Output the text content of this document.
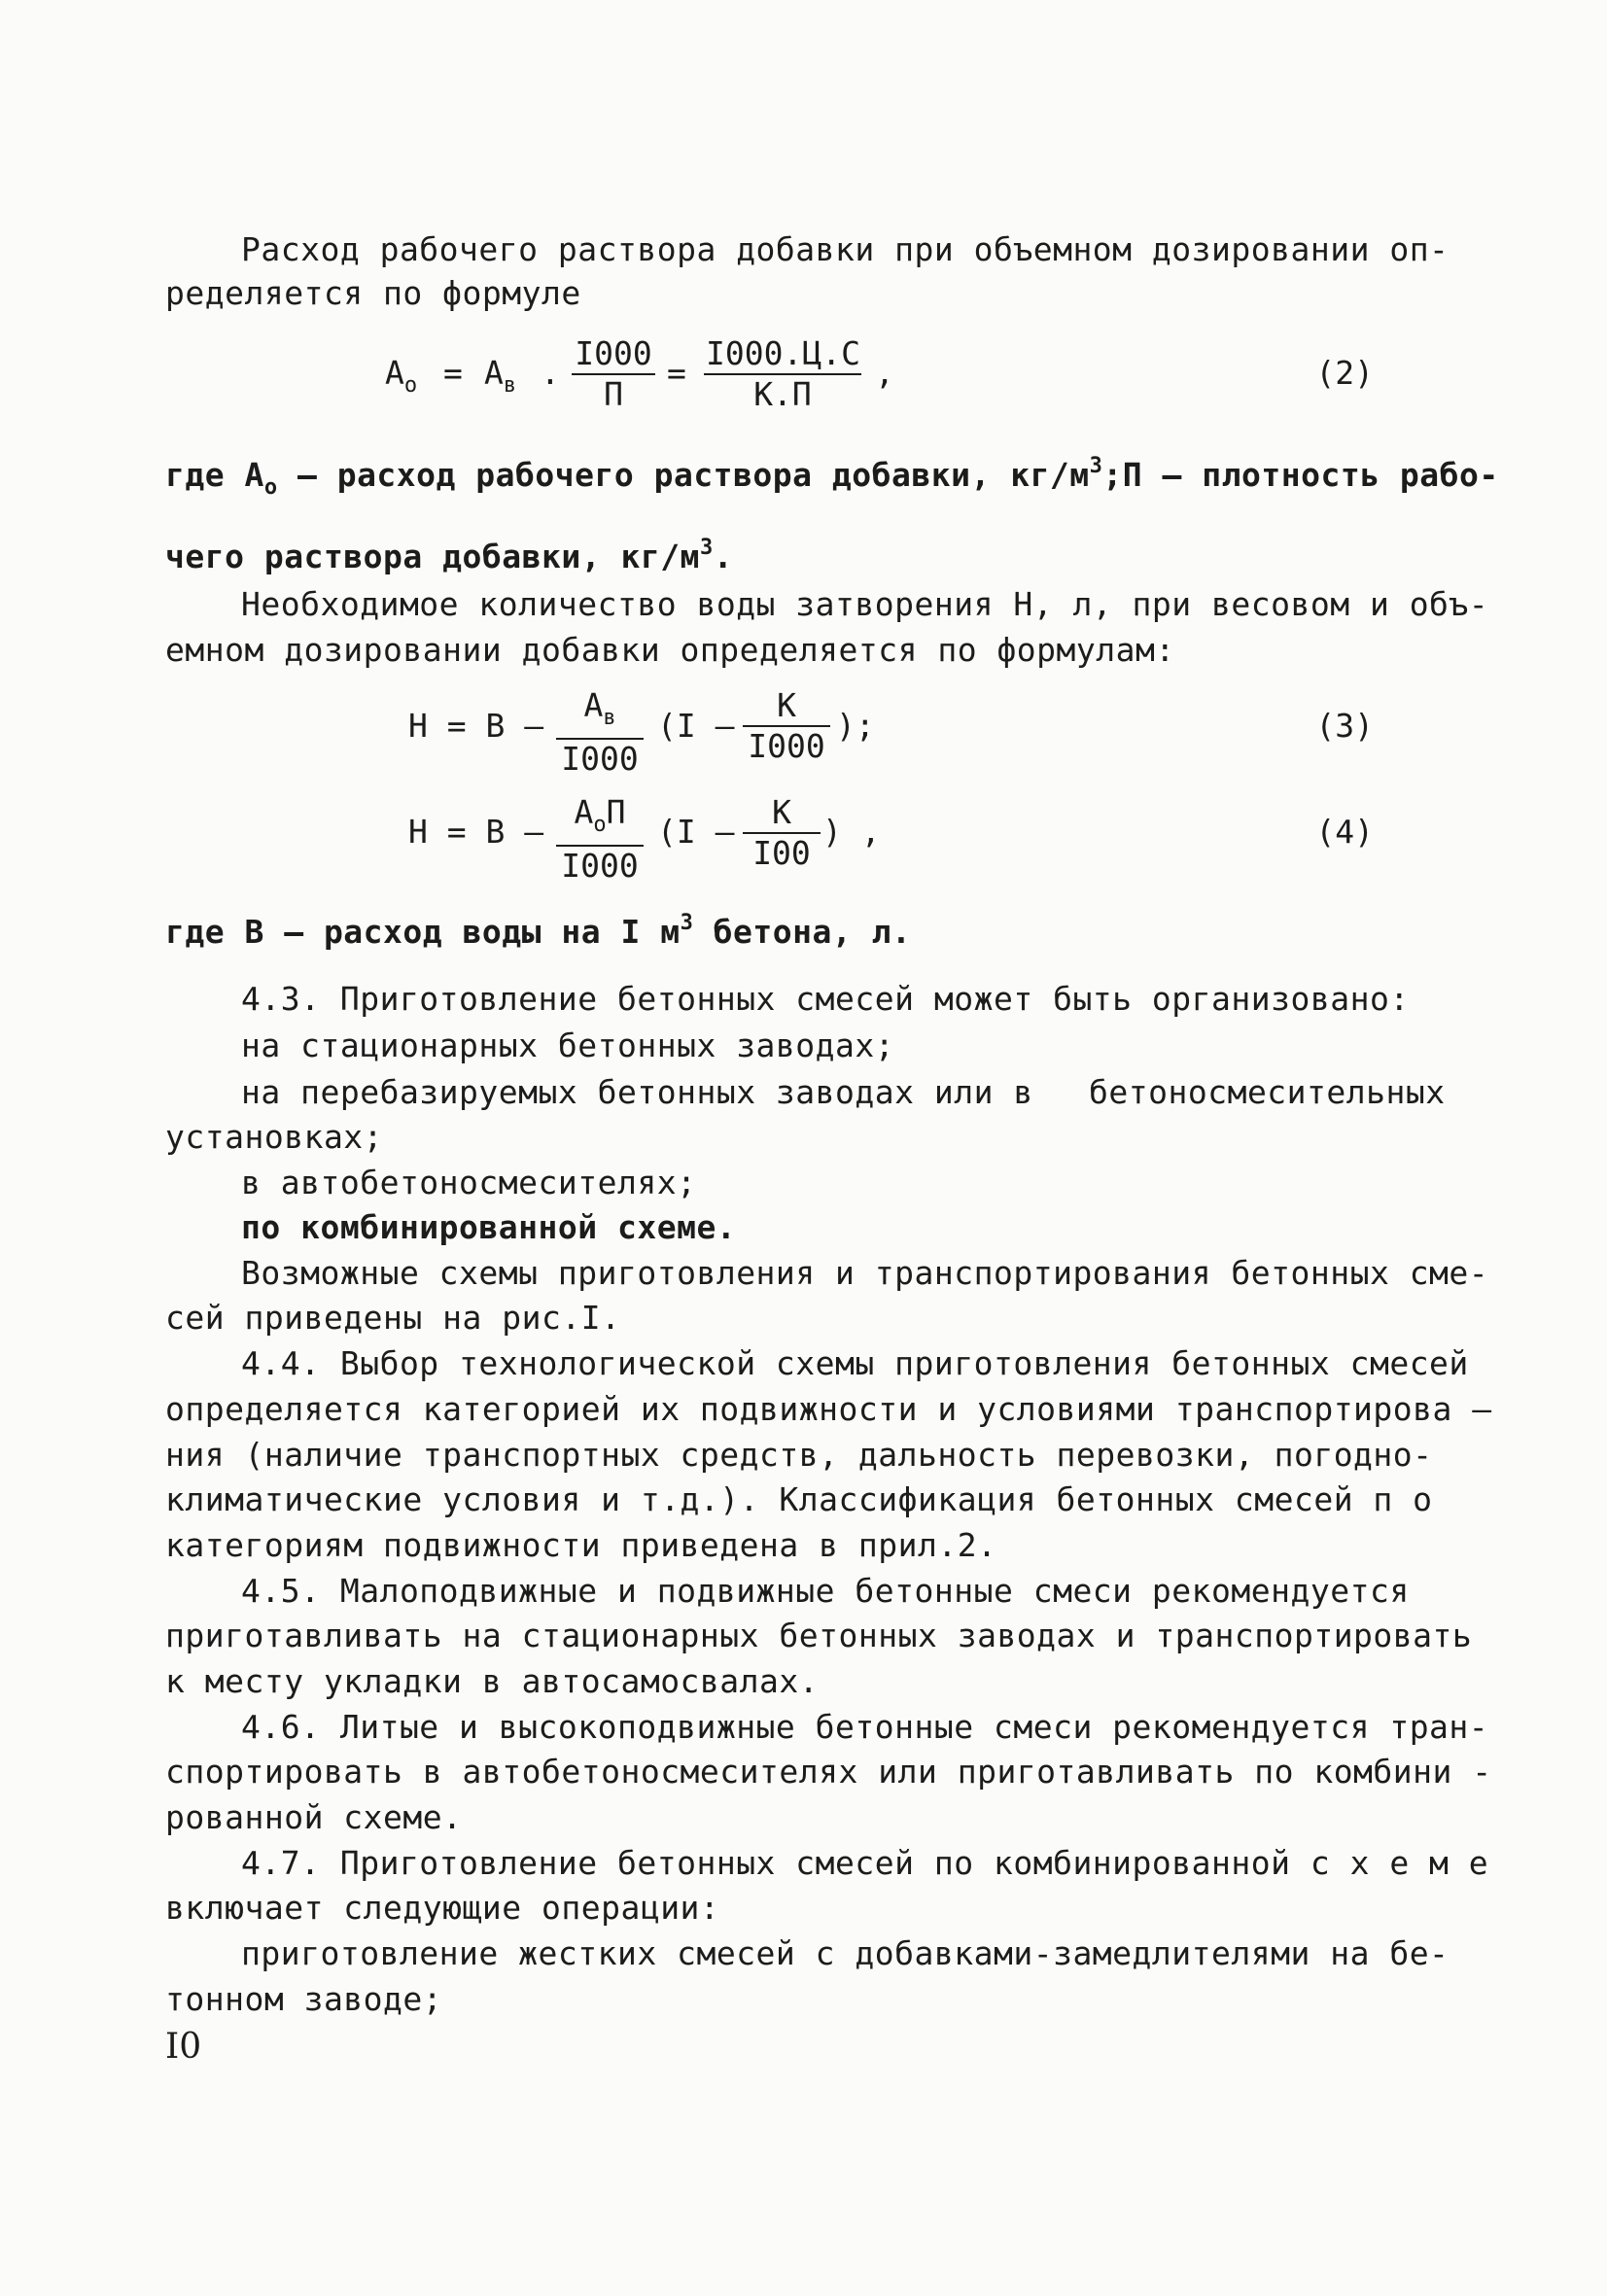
Расход рабочего раствора добавки при объемном дозировании оп-
ределяется по формуле
$А_о = А_в$ .
I000
П
=
I000.Ц.С
К.П
,	(2)
где $А_о$ – расход рабочего раствора добавки, $кг/м^3;П$ – плотность рабо-
чего раствора добавки, $кг/м^3$.
Необходимое количество воды затворения Н, л, при весовом и объ-
емном дозировании добавки определяется по формулам:
Н = В –
$А_в$
I000
(I –
К
I000
);	(3)
Н = В –
$А_оП$
I000
(I –
К
I00
) ,	(4)
где В – расход воды на I $м^3$ бетона, л.
4.3. Приготовление бетонных смесей может быть организовано:
на стационарных бетонных заводах;
на перебазируемых бетонных заводах или в бетоносмесительных
установках;
в автобетоносмесителях;
по комбинированной схеме.
Возможные схемы приготовления и транспортирования бетонных сме-
сей приведены на рис.I.
4.4. Выбор технологической схемы приготовления бетонных смесей
определяется категорией их подвижности и условиями транспортирова –
ния (наличие транспортных средств, дальность перевозки, погодно-
климатические условия и т.д.). Классификация бетонных смесей п о
категориям подвижности приведена в прил.2.
4.5. Малоподвижные и подвижные бетонные смеси рекомендуется
приготавливать на стационарных бетонных заводах и транспортировать
к месту укладки в автосамосвалах.
4.6. Литые и высокоподвижные бетонные смеси рекомендуется тран-
спортировать в автобетоносмесителях или приготавливать по комбини -
рованной схеме.
4.7. Приготовление бетонных смесей по комбинированной с х е м е
включает следующие операции:
приготовление жестких смесей с добавками-замедлителями на бе-
тонном заводе;
I0
